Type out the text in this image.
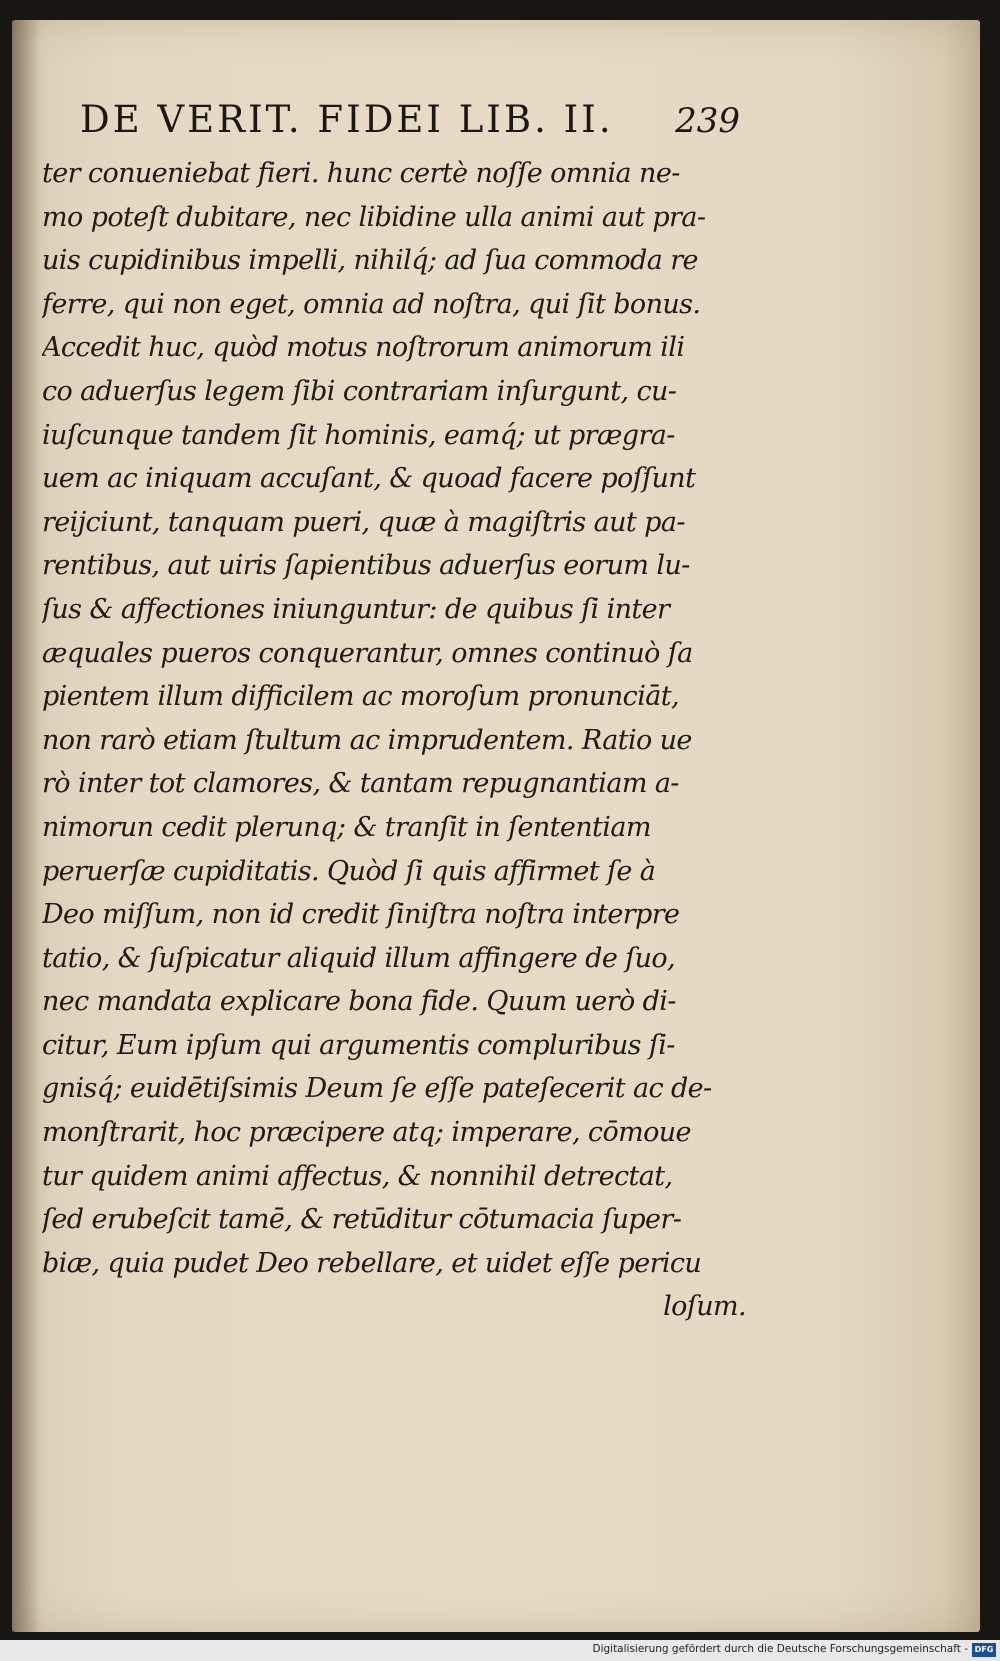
DE VERIT. FIDEI LIB. II. 239
ter conueniebat fieri. hunc certè noſſe omnia ne-
mo poteſt dubitare, nec libidine ulla animi aut pra-
uis cupidinibus impelli, nihilq́; ad ſua commoda re
ferre, qui non eget, omnia ad noſtra, qui ſit bonus.
Accedit huc, quòd motus noſtrorum animorum ili
co aduerſus legem ſibi contrariam inſurgunt, cu-
iuſcunque tandem ſit hominis, eamq́; ut prægra-
uem ac iniquam accuſant, & quoad facere poſſunt
reijciunt, tanquam pueri, quæ à magiſtris aut pa-
rentibus, aut uiris ſapientibus aduerſus eorum lu-
ſus & affectiones iniunguntur: de quibus ſi inter
æquales pueros conquerantur, omnes continuò ſa
pientem illum difficilem ac moroſum pronunciāt,
non rarò etiam ſtultum ac imprudentem. Ratio ue
rò inter tot clamores, & tantam repugnantiam a-
nimorun cedit plerunq; & tranſit in ſententiam
peruerſæ cupiditatis. Quòd ſi quis affirmet ſe à
Deo miſſum, non id credit ſiniſtra noſtra interpre
tatio, & ſuſpicatur aliquid illum affingere de ſuo,
nec mandata explicare bona fide. Quum uerò di-
citur, Eum ipſum qui argumentis compluribus ſi-
gnisq́; euidētiſsimis Deum ſe eſſe pateſecerit ac de-
monſtrarit, hoc præcipere atq; imperare, cōmoue
tur quidem animi affectus, & nonnihil detrectat,
ſed erubeſcit tamē, & retūditur cōtumacia ſuper-
biæ, quia pudet Deo rebellare, et uidet eſſe pericu
loſum.
Digitalisierung gefördert durch die Deutsche Forschungsgemeinschaft - DFG
